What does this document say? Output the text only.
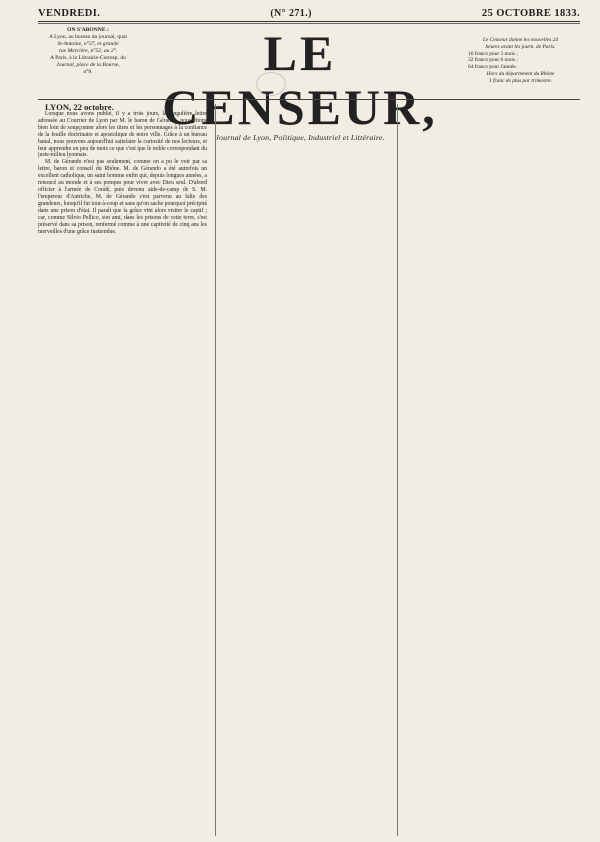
VENDREDI.	(N° 271.)	25 OCTOBRE 1833.
ON S'ABONNE :
A Lyon, au bureau du journal, quai
St-Antoine, n°27, et grande
rue Mercière, n°52, au 2°.
A Paris, à la Librairie-Corresp. du
Journal, place de la Bourse,
n°8.	LE CENSEUR,
Journal de Lyon, Politique, Industriel et Littéraire.
Le Censeur donne les nouvelles 24
heures avant les journ. de Paris.
16 francs pour 3 mois ;
32 francs pour 6 mois ;
64 francs pour l'année.
Hors du département du Rhône
1 franc de plus par trimestre.

LYON, 22 octobre.

Lorsque nous avons publié, il y a trois jours, la singulière lettre adressée au Courrier de Lyon par M. le baron de Gérando, nous étions bien loin de soupçonner alors les titres et les personnages à la confiance de la feuille doctrinaire et apostolique de notre ville. Grâce à un bureau banal, nous pouvons aujourd'hui satisfaire la curiosité de nos lecteurs, et leur apprendre en peu de mots ce que c'est que le noble correspondant du juste-milieu lyonnais.

M. de Gérando n'est pas seulement, comme on a pu le voir par sa lettre, baron et conseil du Rhône. M. de Gérando a été autrefois un excellent catholique, un saint homme enfin qui, depuis longues années, a renoncé au monde et à ses pompes pour vivre avec Dieu seul. D'abord officier à l'armée de Condé, puis devenu aide-de-camp de S. M. l'empereur d'Autriche, M. de Gérando s'est parvenu au faîte des grandeurs, lorsqu'il fut tout-à-coup et sans qu'on sache pourquoi précipité dans une prison d'état. Il paraît que la grâce vint alors visiter le captif ; car, comme Silvio Pellico, son ami, dans les prisons de cette terre, s'est préservé dans sa prison, renfermé comme à une captivité de cinq ans les merveilles d'une grâce inattendue.
